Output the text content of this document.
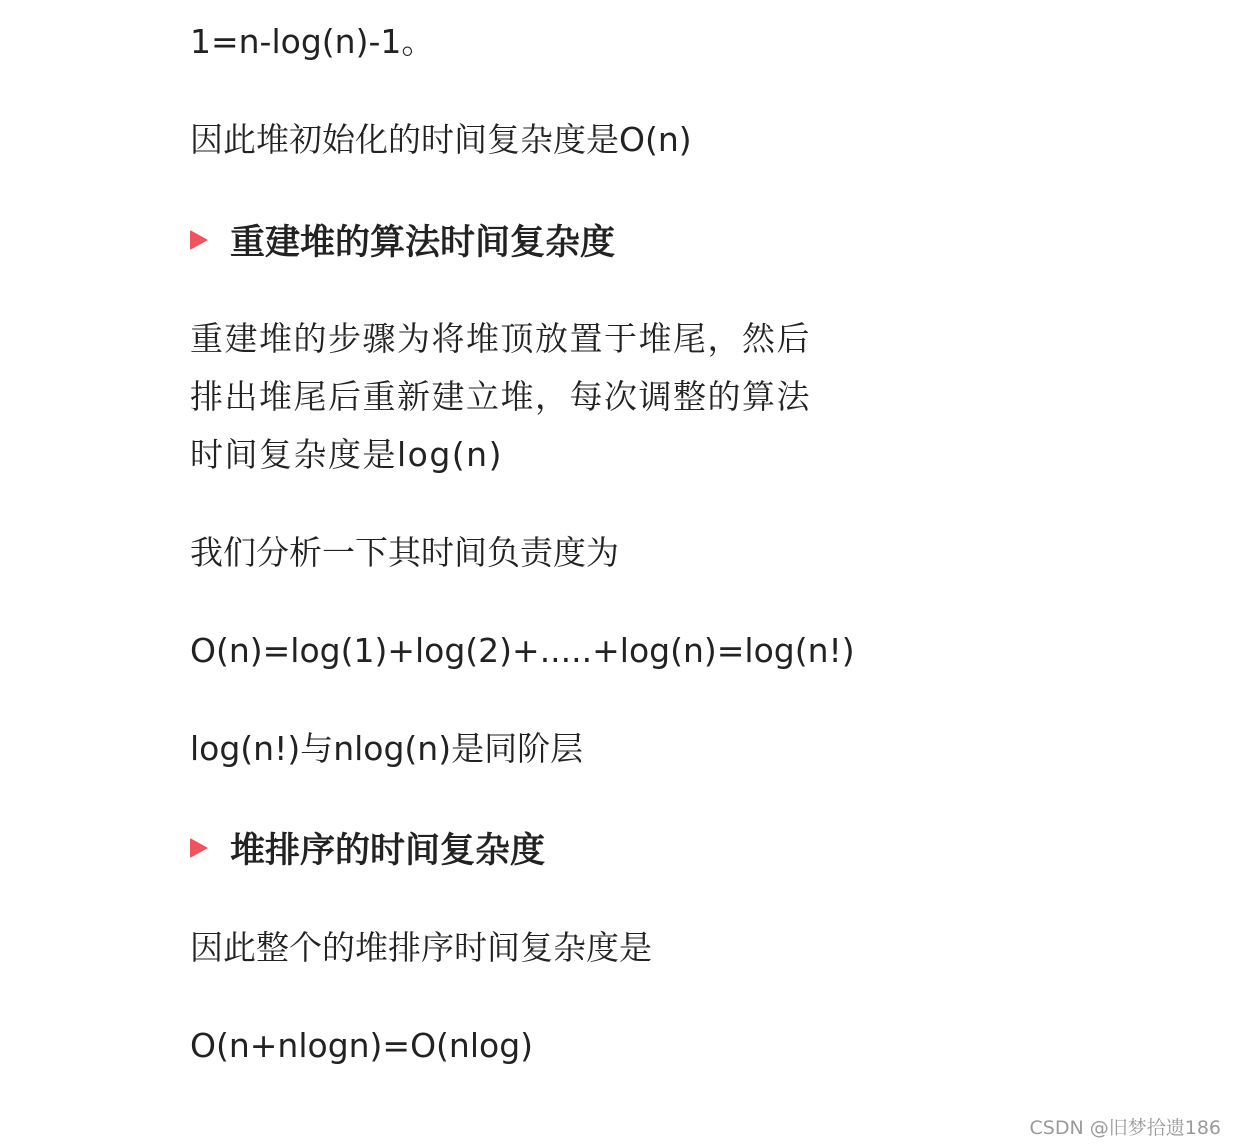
1=n-log(n)-1。
因此堆初始化的时间复杂度是O(n)
重建堆的算法时间复杂度
重建堆的步骤为将堆顶放置于堆尾，然后
排出堆尾后重新建立堆，每次调整的算法
时间复杂度是log(n)
我们分析一下其时间负责度为
O(n)=log(1)+log(2)+.....+log(n)=log(n!)
log(n!)与nlog(n)是同阶层
堆排序的时间复杂度
因此整个的堆排序时间复杂度是
O(n+nlogn)=O(nlog)
CSDN @旧梦拾遗186
